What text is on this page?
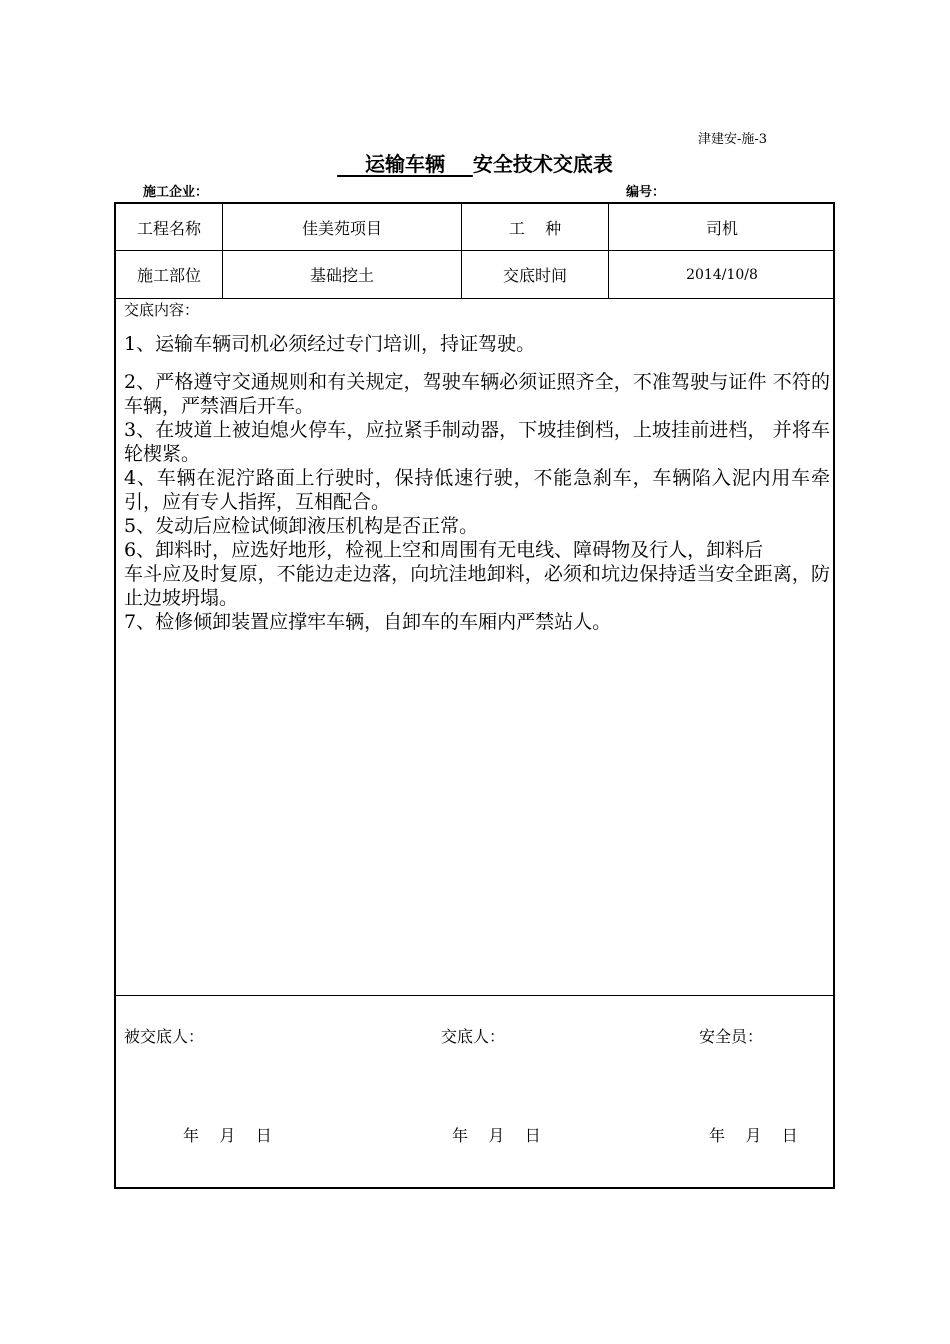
津建安-施-3
运输车辆 安全技术交底表
施工企业：	编号：
工程名称	佳美苑项目	工    种	司机
施工部位	基础挖土	交底时间	2014/10/8
交底内容：

1、运输车辆司机必须经过专门培训，持证驾驶。

2、严格遵守交通规则和有关规定，驾驶车辆必须证照齐全，不准驾驶与证件 不符的车辆，严禁酒后开车。

3、在坡道上被迫熄火停车，应拉紧手制动器，下坡挂倒档，上坡挂前进档， 并将车轮楔紧。

4、车辆在泥泞路面上行驶时，保持低速行驶，不能急刹车，车辆陷入泥内用车牵引，应有专人指挥，互相配合。

5、发动后应检试倾卸液压机构是否正常。

6、卸料时，应选好地形，检视上空和周围有无电线、障碍物及行人，卸料后

车斗应及时复原，不能边走边落，向坑洼地卸料，必须和坑边保持适当安全距离，防止边坡坍塌。

7、检修倾卸装置应撑牢车辆，自卸车的车厢内严禁站人。

被交底人：	交底人：	安全员：
年    月    日	年    月    日	年    月    日
